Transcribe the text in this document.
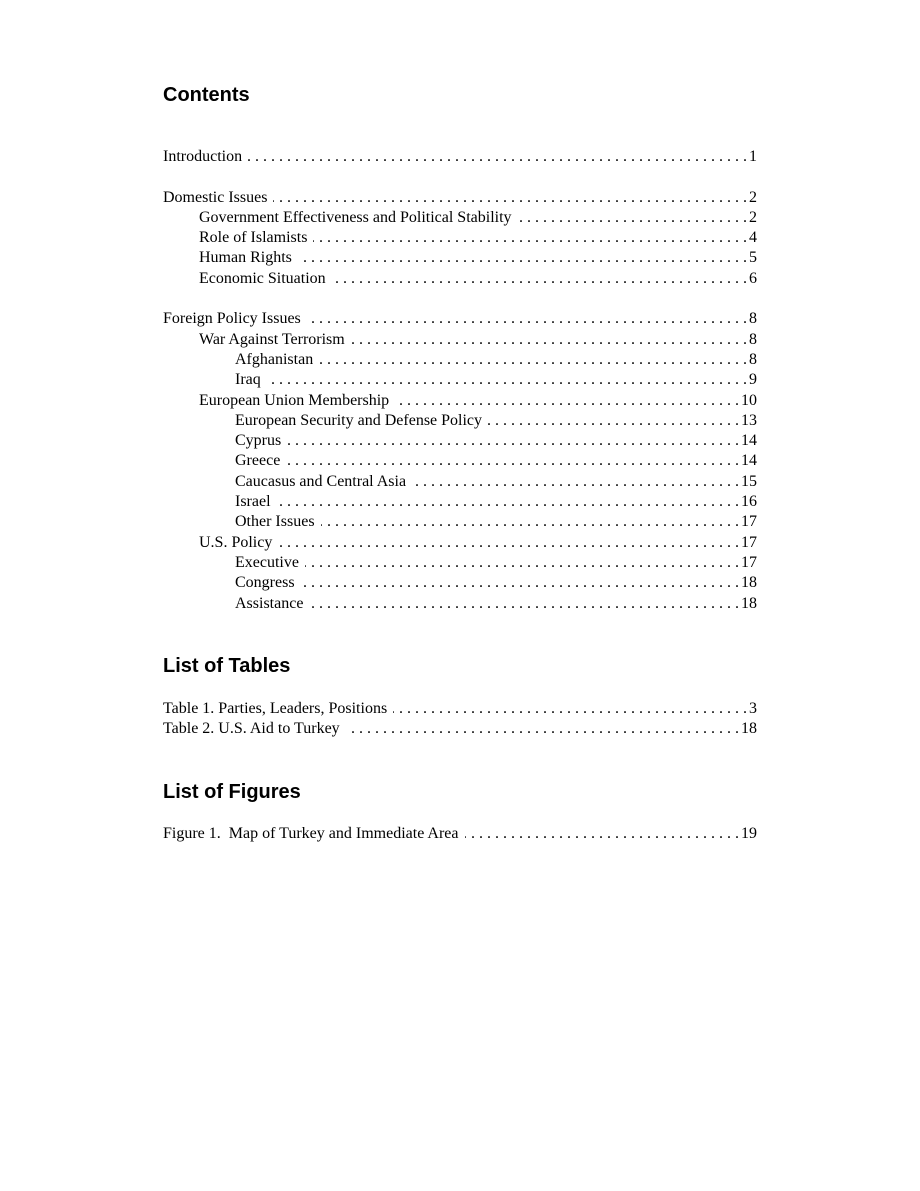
Contents
Introduction . . .	1
Domestic Issues . . .	2
Government Effectiveness and Political Stability . . .	2
Role of Islamists . . .	4
Human Rights . . .	5
Economic Situation . . .	6
Foreign Policy Issues . . .	8
War Against Terrorism . . .	8
Afghanistan . . .	8
Iraq . . .	9
European Union Membership . . .	10
European Security and Defense Policy . . .	13
Cyprus . . .	14
Greece . . .	14
Caucasus and Central Asia . . .	15
Israel . . .	16
Other Issues . . .	17
U.S. Policy . . .	17
Executive . . .	17
Congress . . .	18
Assistance . . .	18
List of Tables
Table 1. Parties, Leaders, Positions . . .	3
Table 2. U.S. Aid to Turkey . . .	18
List of Figures
Figure 1.  Map of Turkey and Immediate Area . . .	19
